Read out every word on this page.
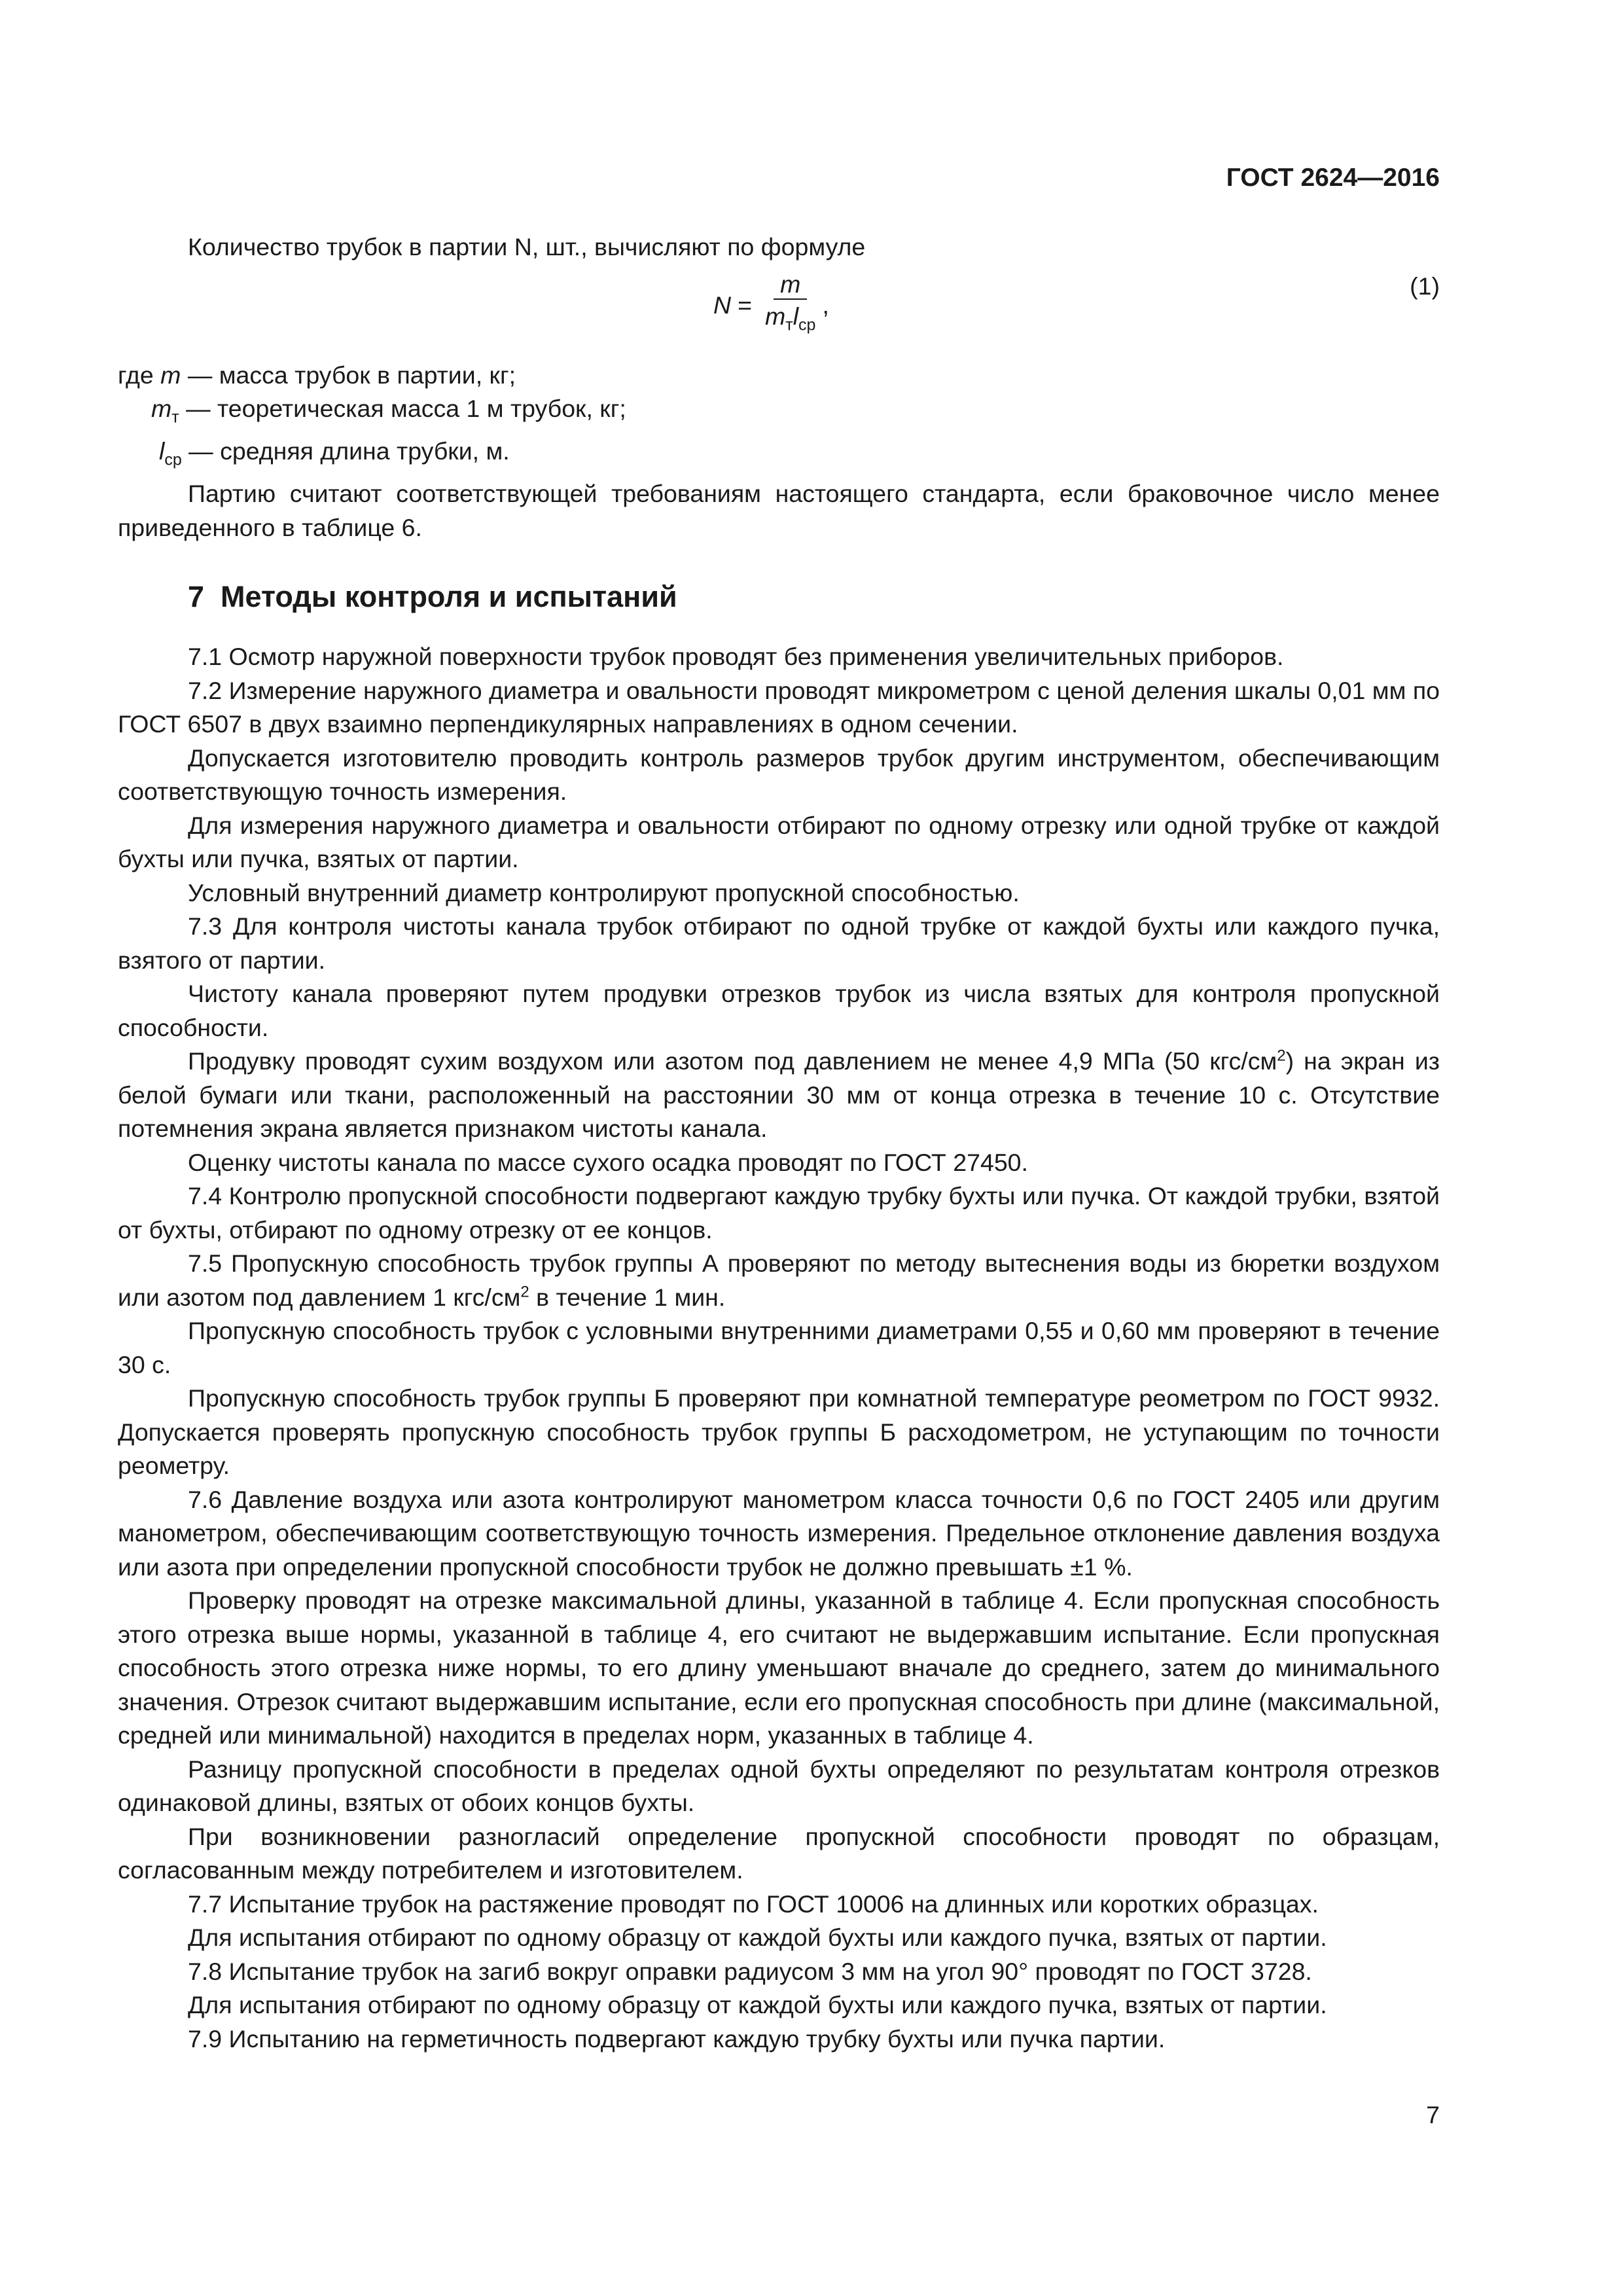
ГОСТ 2624—2016

Количество трубок в партии N, шт., вычисляют по формуле

$N = \frac{m}{m_тl_{ср}}$ ,
(1)

где m — масса трубок в партии, кг;

$m_т$ — теоретическая масса 1 м трубок, кг;

$l_{ср}$ — средняя длина трубки, м.

Партию считают соответствующей требованиям настоящего стандарта, если браковочное число менее приведенного в таблице 6.

7 Методы контроля и испытаний

7.1 Осмотр наружной поверхности трубок проводят без применения увеличительных приборов.

7.2 Измерение наружного диаметра и овальности проводят микрометром с ценой деления шкалы 0,01 мм по ГОСТ 6507 в двух взаимно перпендикулярных направлениях в одном сечении.

Допускается изготовителю проводить контроль размеров трубок другим инструментом, обеспечивающим соответствующую точность измерения.

Для измерения наружного диаметра и овальности отбирают по одному отрезку или одной трубке от каждой бухты или пучка, взятых от партии.

Условный внутренний диаметр контролируют пропускной способностью.

7.3 Для контроля чистоты канала трубок отбирают по одной трубке от каждой бухты или каждого пучка, взятого от партии.

Чистоту канала проверяют путем продувки отрезков трубок из числа взятых для контроля пропускной способности.

Продувку проводят сухим воздухом или азотом под давлением не менее 4,9 МПа (50 кгс/$см^2$) на экран из белой бумаги или ткани, расположенный на расстоянии 30 мм от конца отрезка в течение 10 с. Отсутствие потемнения экрана является признаком чистоты канала.

Оценку чистоты канала по массе сухого осадка проводят по ГОСТ 27450.

7.4 Контролю пропускной способности подвергают каждую трубку бухты или пучка. От каждой трубки, взятой от бухты, отбирают по одному отрезку от ее концов.

7.5 Пропускную способность трубок группы А проверяют по методу вытеснения воды из бюретки воздухом или азотом под давлением 1 кгс/$см^2$ в течение 1 мин.

Пропускную способность трубок с условными внутренними диаметрами 0,55 и 0,60 мм проверяют в течение 30 с.

Пропускную способность трубок группы Б проверяют при комнатной температуре реометром по ГОСТ 9932. Допускается проверять пропускную способность трубок группы Б расходометром, не уступающим по точности реометру.

7.6 Давление воздуха или азота контролируют манометром класса точности 0,6 по ГОСТ 2405 или другим манометром, обеспечивающим соответствующую точность измерения. Предельное отклонение давления воздуха или азота при определении пропускной способности трубок не должно превышать ±1 %.

Проверку проводят на отрезке максимальной длины, указанной в таблице 4. Если пропускная способность этого отрезка выше нормы, указанной в таблице 4, его считают не выдержавшим испытание. Если пропускная способность этого отрезка ниже нормы, то его длину уменьшают вначале до среднего, затем до минимального значения. Отрезок считают выдержавшим испытание, если его пропускная способность при длине (максимальной, средней или минимальной) находится в пределах норм, указанных в таблице 4.

Разницу пропускной способности в пределах одной бухты определяют по результатам контроля отрезков одинаковой длины, взятых от обоих концов бухты.

При возникновении разногласий определение пропускной способности проводят по образцам, согласованным между потребителем и изготовителем.

7.7 Испытание трубок на растяжение проводят по ГОСТ 10006 на длинных или коротких образцах.

Для испытания отбирают по одному образцу от каждой бухты или каждого пучка, взятых от партии.

7.8 Испытание трубок на загиб вокруг оправки радиусом 3 мм на угол 90° проводят по ГОСТ 3728.

Для испытания отбирают по одному образцу от каждой бухты или каждого пучка, взятых от партии.

7.9 Испытанию на герметичность подвергают каждую трубку бухты или пучка партии.

7
